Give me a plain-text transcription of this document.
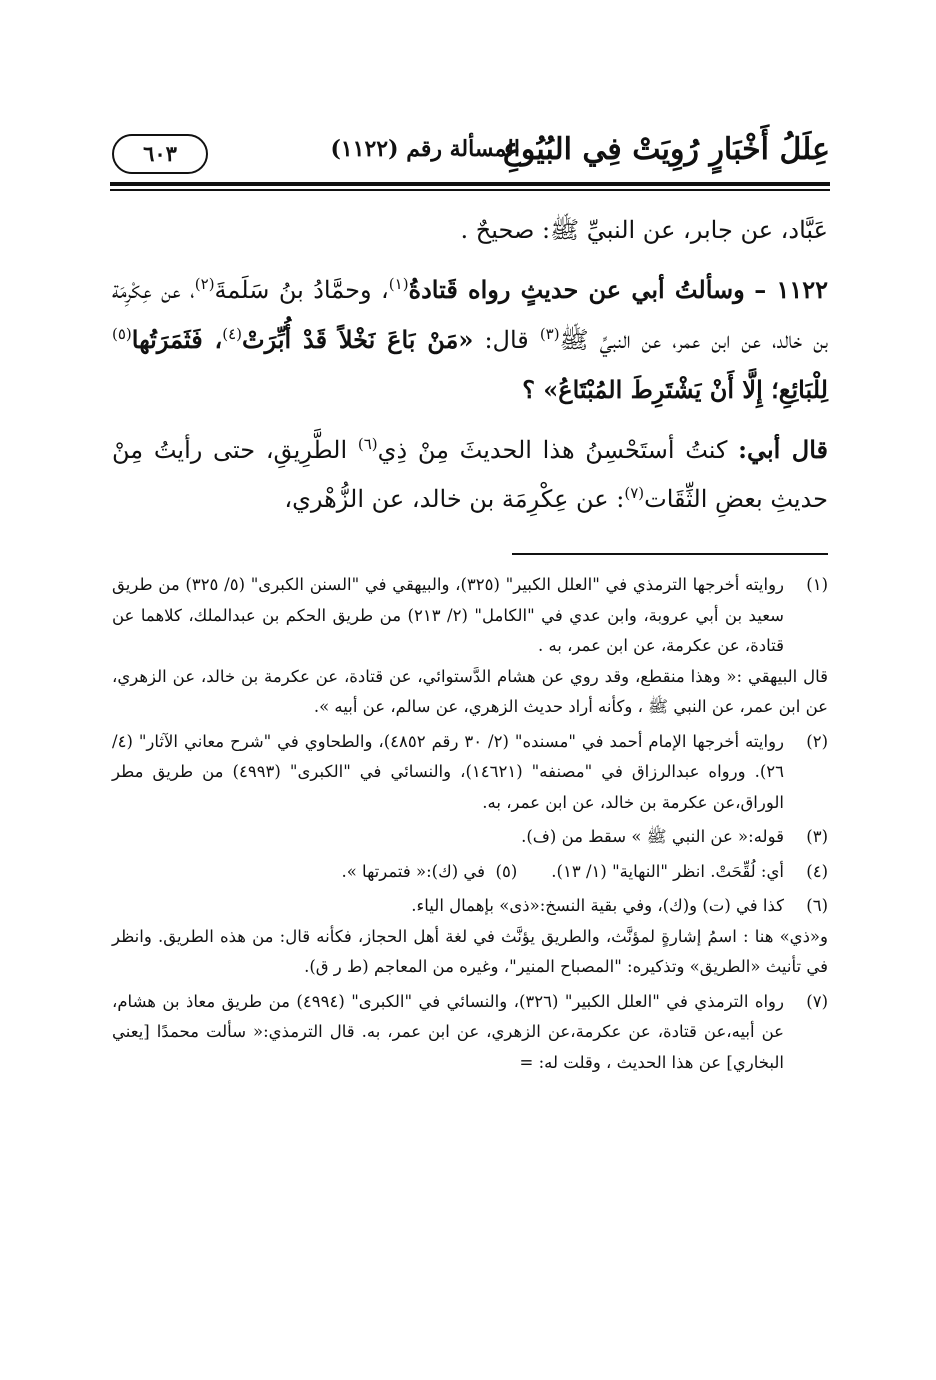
عِلَلُ أَخْبَارٍ رُوِيَتْ فِي البُيُوعِ
المسألة رقم (١١٢٢)
٦٠٣

عَبَّاد، عن جابر، عن النبيِّ ﷺ: صحيحٌ .

١١٢٢ – وسألتُ أبي عن حديثٍ رواه قَتادةُ$^{(١)}$، وحمَّادُ بنُ سَلَمةَ$^{(٢)}$، عن عِكْرِمَة بن خالد، عن ابن عمر، عن النبيِّ ﷺ$^{(٣)}$ قال: «مَنْ بَاعَ نَخْلاً قَدْ أُبِّرَتْ$^{(٤)}$، فَثَمَرَتُها$^{(٥)}$ لِلْبَائِعِ؛ إِلَّا أَنْ يَشْتَرِطَ المُبْتَاعُ» ؟

قال أبي: كنتُ أستَحْسِنُ هذا الحديثَ مِنْ ذِي$^{(٦)}$ الطَّرِيقِ، حتى رأيتُ مِنْ حديثِ بعضِ الثِّقَات$^{(٧)}$: عن عِكْرِمَة بن خالد، عن الزُّهْري،

(١)

روايته أخرجها الترمذي في "العلل الكبير" (٣٢٥)، والبيهقي في "السنن الكبرى" (٥/ ٣٢٥) من طريق سعيد بن أبي عروبة، وابن عدي في "الكامل" (٢/ ٢١٣) من طريق الحكم بن عبدالملك، كلاهما عن قتادة، عن عكرمة، عن ابن عمر، به .

قال البيهقي :« وهذا منقطع، وقد روي عن هشام الدَّستوائي، عن قتادة، عن عكرمة بن خالد، عن الزهري، عن ابن عمر، عن النبي ﷺ ، وكأنه أراد حديث الزهري، عن سالم، عن أبيه ».

(٢)

روايته أخرجها الإمام أحمد في "مسنده" (٢/ ٣٠ رقم ٤٨٥٢)، والطحاوي في "شرح معاني الآثار" (٤/ ٢٦). ورواه عبدالرزاق في "مصنفه" (١٤٦٢١)، والنسائي في "الكبرى" (٤٩٩٣) من طريق مطر الوراق،عن عكرمة بن خالد، عن ابن عمر، به.

(٣)

قوله:« عن النبي ﷺ » سقط من (ف).

(٤)
أي: لُقِّحَتْ. انظر "النهاية" (١/ ١٣).
(٥)  في (ك):« فتمرتها ».
(٦)

كذا في (ت) و(ك)، وفي بقية النسخ:«ذى» بإهمال الياء.

و«ذي» هنا : اسمُ إشارةٍ لمؤنَّث، والطريق يؤنَّث في لغة أهل الحجاز، فكأنه قال: من هذه الطريق. وانظر في تأنيث «الطريق» وتذكيره: "المصباح المنير"، وغيره من المعاجم (ط ر ق).

(٧)

رواه الترمذي في "العلل الكبير" (٣٢٦)، والنسائي في "الكبرى" (٤٩٩٤) من طريق معاذ بن هشام، عن أبيه،عن قتادة، عن عكرمة،عن الزهري، عن ابن عمر، به. قال الترمذي:« سألت محمدًا [يعني البخاري] عن هذا الحديث ، وقلت له: =
